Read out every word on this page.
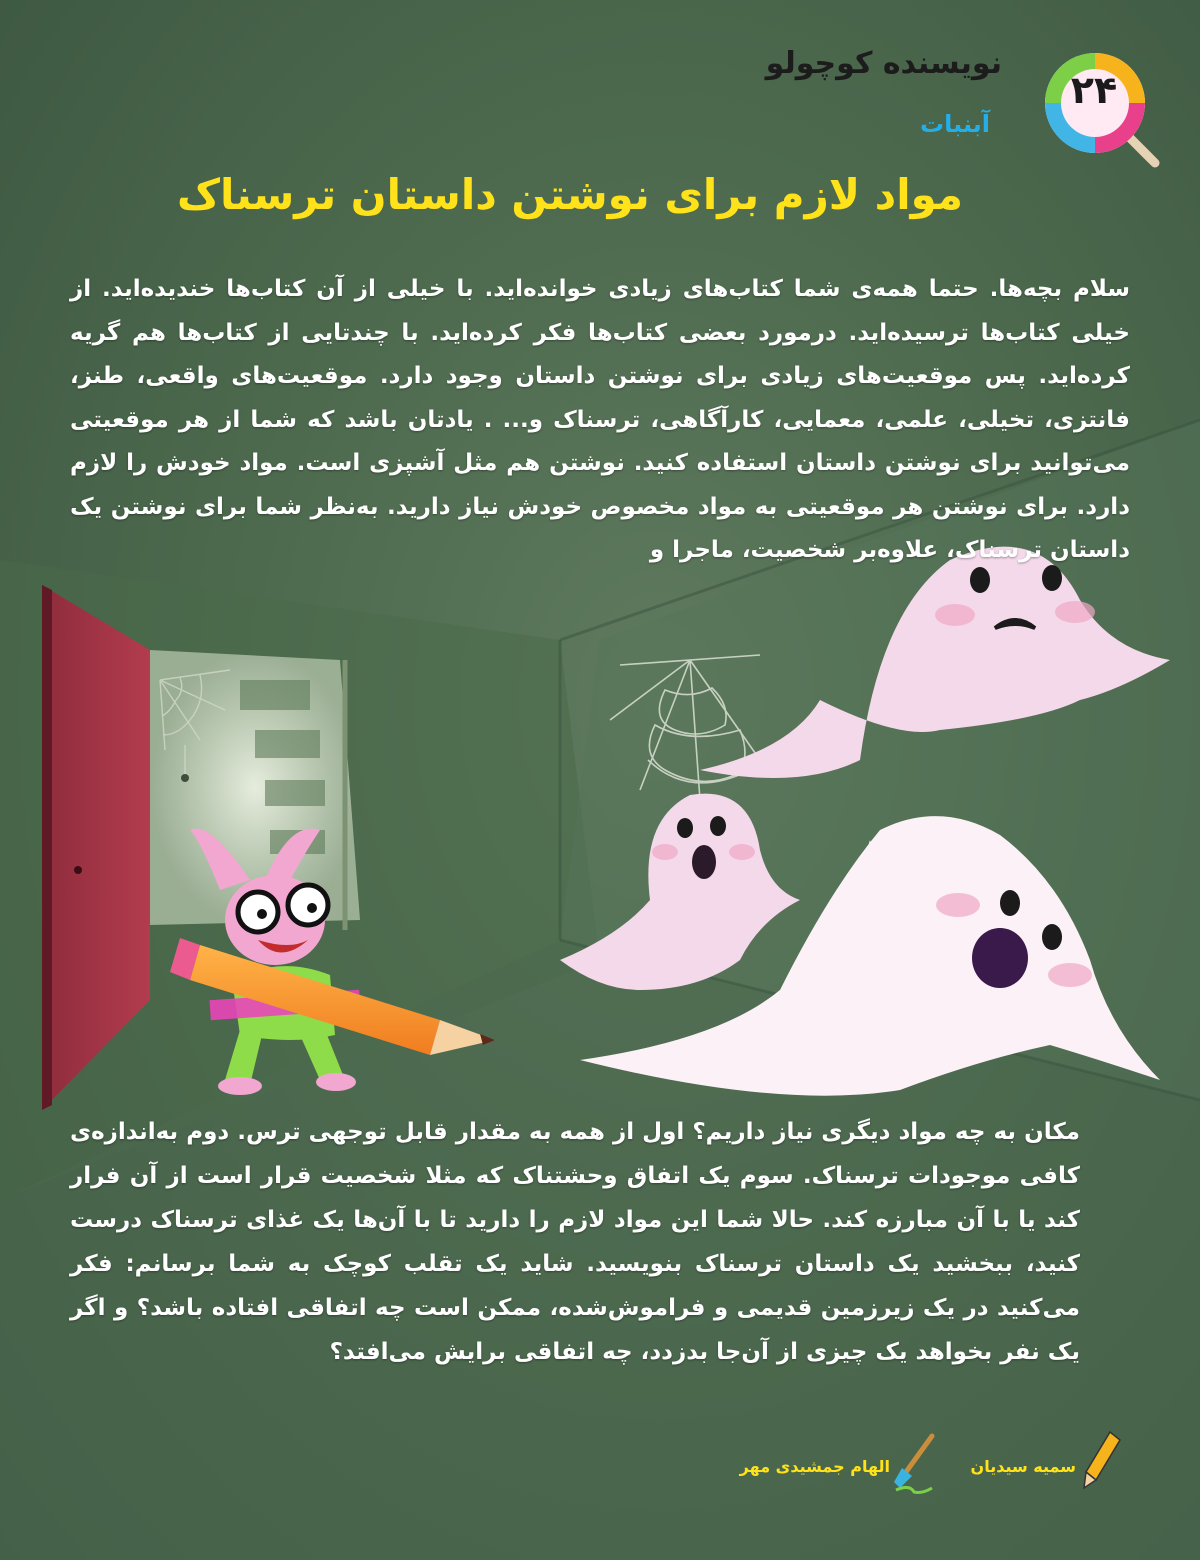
نویسنده کوچولو
آبنبات
۲۴
مواد لازم برای نوشتن داستان ترسناک

سلام بچه‌ها. حتما همه‌ی شما کتاب‌های زیادی خوانده‌اید. با خیلی از آن کتاب‌ها خندیده‌اید. از خیلی کتاب‌ها ترسیده‌اید. درمورد بعضی کتاب‌ها فکر کرده‌اید. با چندتایی از کتاب‌ها هم گریه کرده‌اید. پس موقعیت‌های زیادی برای نوشتن داستان وجود دارد. موقعیت‌های واقعی، طنز، فانتزی، تخیلی، علمی، معمایی، کارآگاهی، ترسناک و... . یادتان باشد که شما از هر موقعیتی می‌توانید برای نوشتن داستان استفاده کنید. نوشتن هم مثل آشپزی است. مواد خودش را لازم دارد. برای نوشتن هر موقعیتی به مواد مخصوص خودش نیاز دارید. به‌نظر شما برای نوشتن یک داستان ترسناک، علاوه‌بر شخصیت، ماجرا و

مکان به چه مواد دیگری نیاز داریم؟ اول از همه به مقدار قابل توجهی ترس. دوم به‌اندازه‌ی کافی موجودات ترسناک. سوم یک اتفاق وحشتناک که مثلا شخصیت قرار است از آن فرار کند یا با آن مبارزه کند. حالا شما این مواد لازم را دارید تا با آن‌ها یک غذای ترسناک درست کنید، ببخشید یک داستان ترسناک بنویسید. شاید یک تقلب کوچک به شما برسانم: فکر می‌کنید در یک زیرزمین قدیمی و فراموش‌شده، ممکن است چه اتفاقی افتاده باشد؟ و اگر یک نفر بخواهد یک چیزی از آن‌جا بدزدد، چه اتفاقی برایش می‌افتد؟

سمیه سیدیان
الهام جمشیدی مهر
